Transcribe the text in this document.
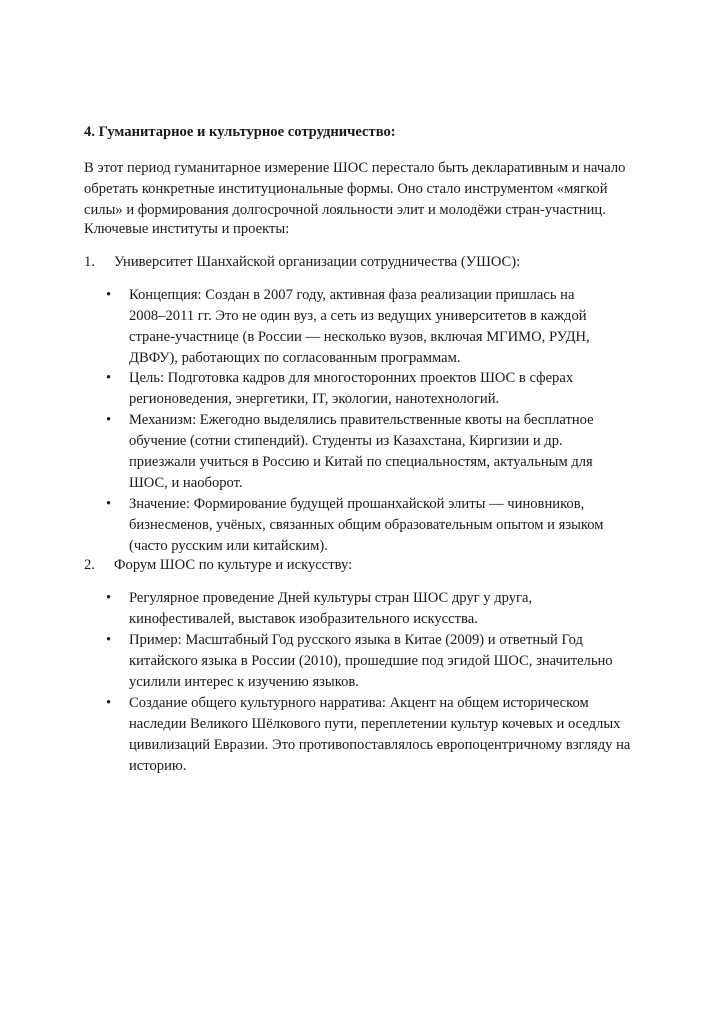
4. Гуманитарное и культурное сотрудничество:
В этот период гуманитарное измерение ШОС перестало быть декларативным и начало
обретать конкретные институциональные формы. Оно стало инструментом «мягкой
силы» и формирования долгосрочной лояльности элит и молодёжи стран-участниц.
Ключевые институты и проекты:
1. Университет Шанхайской организации сотрудничества (УШОС):
•	Концепция: Создан в 2007 году, активная фаза реализации пришлась на
2008–2011 гг. Это не один вуз, а сеть из ведущих университетов в каждой
стране-участнице (в России — несколько вузов, включая МГИМО, РУДН,
ДВФУ), работающих по согласованным программам.
•	Цель: Подготовка кадров для многосторонних проектов ШОС в сферах
регионоведения, энергетики, IT, экологии, нанотехнологий.
•	Механизм: Ежегодно выделялись правительственные квоты на бесплатное
обучение (сотни стипендий). Студенты из Казахстана, Киргизии и др.
приезжали учиться в Россию и Китай по специальностям, актуальным для
ШОС, и наоборот.
•	Значение: Формирование будущей прошанхайской элиты — чиновников,
бизнесменов, учёных, связанных общим образовательным опытом и языком
(часто русским или китайским).
2. Форум ШОС по культуре и искусству:
•	Регулярное проведение Дней культуры стран ШОС друг у друга,
кинофестивалей, выставок изобразительного искусства.
•	Пример: Масштабный Год русского языка в Китае (2009) и ответный Год
китайского языка в России (2010), прошедшие под эгидой ШОС, значительно
усилили интерес к изучению языков.
•	Создание общего культурного нарратива: Акцент на общем историческом
наследии Великого Шёлкового пути, переплетении культур кочевых и оседлых
цивилизаций Евразии. Это противопоставлялось европоцентричному взгляду на
историю.
